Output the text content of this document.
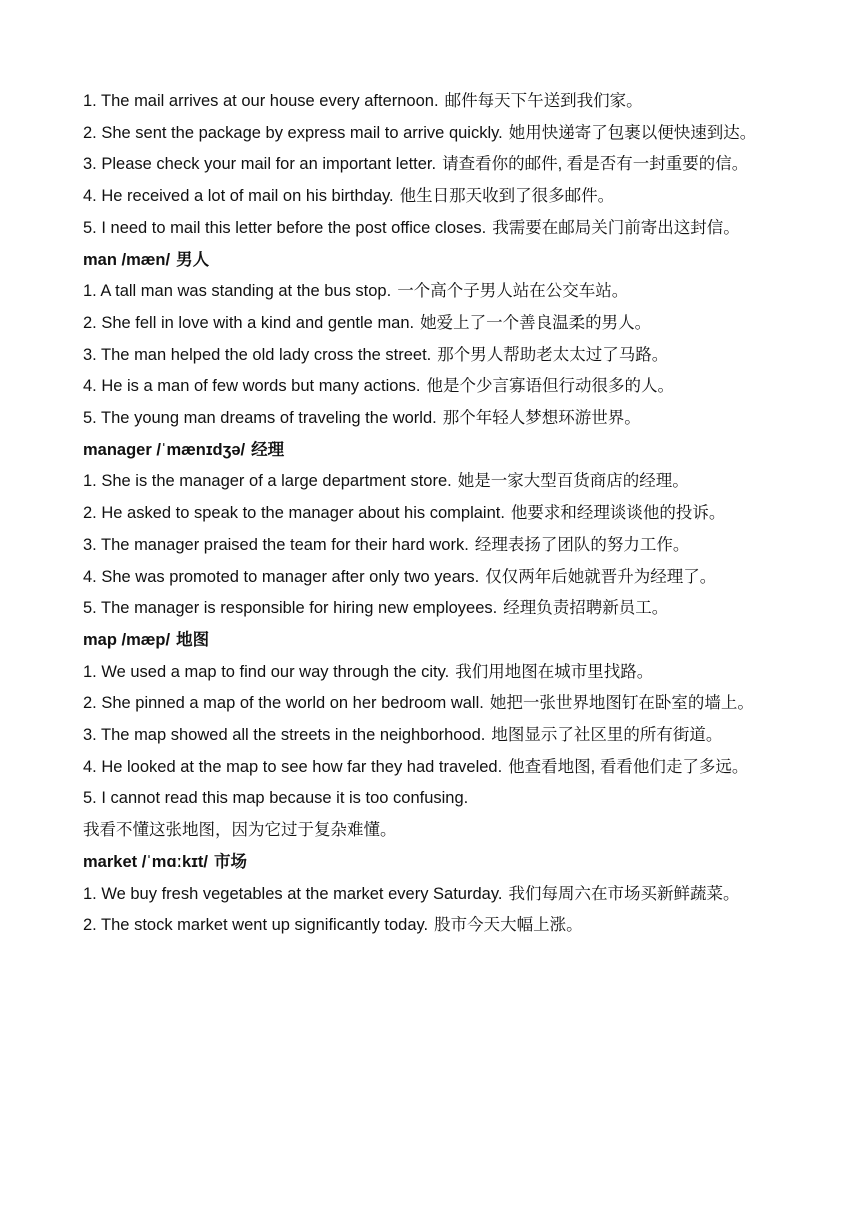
1. The mail arrives at our house every afternoon. 邮件每天下午送到我们家。
2. She sent the package by express mail to arrive quickly. 她用快递寄了包裹以便快速到达。
3. Please check your mail for an important letter. 请查看你的邮件, 看是否有一封重要的信。
4. He received a lot of mail on his birthday. 他生日那天收到了很多邮件。
5. I need to mail this letter before the post office closes. 我需要在邮局关门前寄出这封信。
man /mæn/ 男人
1. A tall man was standing at the bus stop. 一个高个子男人站在公交车站。
2. She fell in love with a kind and gentle man. 她爱上了一个善良温柔的男人。
3. The man helped the old lady cross the street. 那个男人帮助老太太过了马路。
4. He is a man of few words but many actions. 他是个少言寡语但行动很多的人。
5. The young man dreams of traveling the world. 那个年轻人梦想环游世界。
manager /ˈmænɪdʒə/ 经理
1. She is the manager of a large department store. 她是一家大型百货商店的经理。
2. He asked to speak to the manager about his complaint. 他要求和经理谈谈他的投诉。
3. The manager praised the team for their hard work. 经理表扬了团队的努力工作。
4. She was promoted to manager after only two years. 仅仅两年后她就晋升为经理了。
5. The manager is responsible for hiring new employees. 经理负责招聘新员工。
map /mæp/ 地图
1. We used a map to find our way through the city. 我们用地图在城市里找路。
2. She pinned a map of the world on her bedroom wall. 她把一张世界地图钉在卧室的墙上。
3. The map showed all the streets in the neighborhood. 地图显示了社区里的所有街道。
4. He looked at the map to see how far they had traveled. 他查看地图, 看看他们走了多远。
5. I cannot read this map because it is too confusing.
我看不懂这张地图，因为它过于复杂难懂。
market /ˈmɑːkɪt/ 市场
1. We buy fresh vegetables at the market every Saturday. 我们每周六在市场买新鲜蔬菜。
2. The stock market went up significantly today. 股市今天大幅上涨。
